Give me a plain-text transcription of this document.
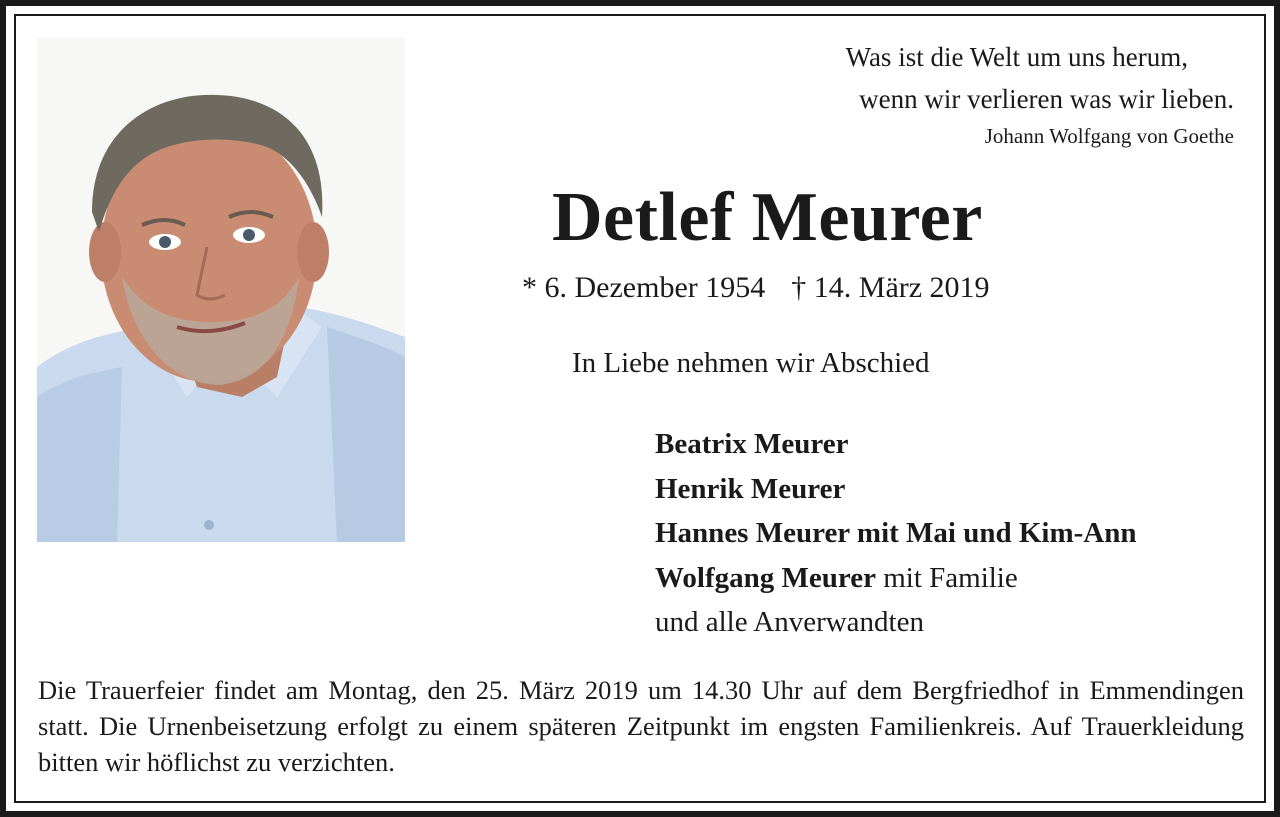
Was ist die Welt um uns herum,
wenn wir verlieren was wir lieben.
Johann Wolfgang von Goethe
Detlef Meurer
* 6. Dezember 1954 † 14. März 2019
In Liebe nehmen wir Abschied
Beatrix Meurer
Henrik Meurer
Hannes Meurer mit Mai und Kim-Ann
Wolfgang Meurer mit Familie
und alle Anverwandten
Die Trauerfeier findet am Montag, den 25. März 2019 um 14.30 Uhr auf dem Bergfriedhof in Emmendingen statt. Die Urnenbeisetzung erfolgt zu einem späteren Zeitpunkt im engsten Familienkreis. Auf Trauerkleidung bitten wir höflichst zu verzichten.
